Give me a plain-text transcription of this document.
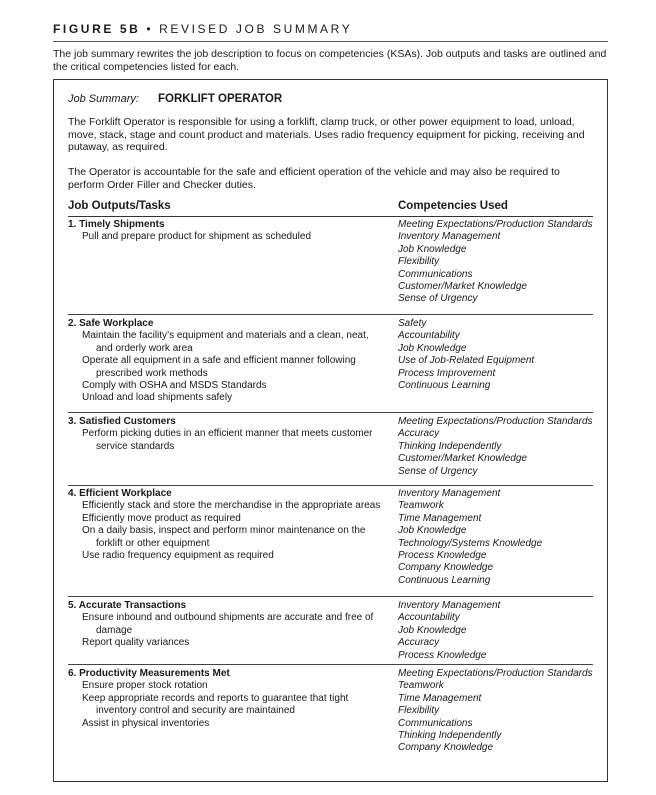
FIGURE 5B • REVISED JOB SUMMARY
The job summary rewrites the job description to focus on competencies (KSAs). Job outputs and tasks are outlined and the critical competencies listed for each.
Job Summary: FORKLIFT OPERATOR
The Forklift Operator is responsible for using a forklift, clamp truck, or other power equipment to load, unload, move, stack, stage and count product and materials. Uses radio frequency equipment for picking, receiving and putaway, as required.
The Operator is accountable for the safe and efficient operation of the vehicle and may also be required to perform Order Filler and Checker duties.
Job Outputs/Tasks	Competencies Used
1. Timely Shipments
Pull and prepare product for shipment as scheduled
Meeting Expectations/Production Standards
Inventory Management
Job Knowledge
Flexibility
Communications
Customer/Market Knowledge
Sense of Urgency
2. Safe Workplace
Maintain the facility’s equipment and materials and a clean, neat, and orderly work area
Operate all equipment in a safe and efficient manner following prescribed work methods
Comply with OSHA and MSDS Standards
Unload and load shipments safely
Safety
Accountability
Job Knowledge
Use of Job-Related Equipment
Process Improvement
Continuous Learning
3. Satisfied Customers
Perform picking duties in an efficient manner that meets customer service standards
Meeting Expectations/Production Standards
Accuracy
Thinking Independently
Customer/Market Knowledge
Sense of Urgency
4. Efficient Workplace
Efficiently stack and store the merchandise in the appropriate areas
Efficiently move product as required
On a daily basis, inspect and perform minor maintenance on the forklift or other equipment
Use radio frequency equipment as required
Inventory Management
Teamwork
Time Management
Job Knowledge
Technology/Systems Knowledge
Process Knowledge
Company Knowledge
Continuous Learning
5. Accurate Transactions
Ensure inbound and outbound shipments are accurate and free of damage
Report quality variances
Inventory Management
Accountability
Job Knowledge
Accuracy
Process Knowledge
6. Productivity Measurements Met
Ensure proper stock rotation
Keep appropriate records and reports to guarantee that tight inventory control and security are maintained
Assist in physical inventories
Meeting Expectations/Production Standards
Teamwork
Time Management
Flexibility
Communications
Thinking Independently
Company Knowledge
